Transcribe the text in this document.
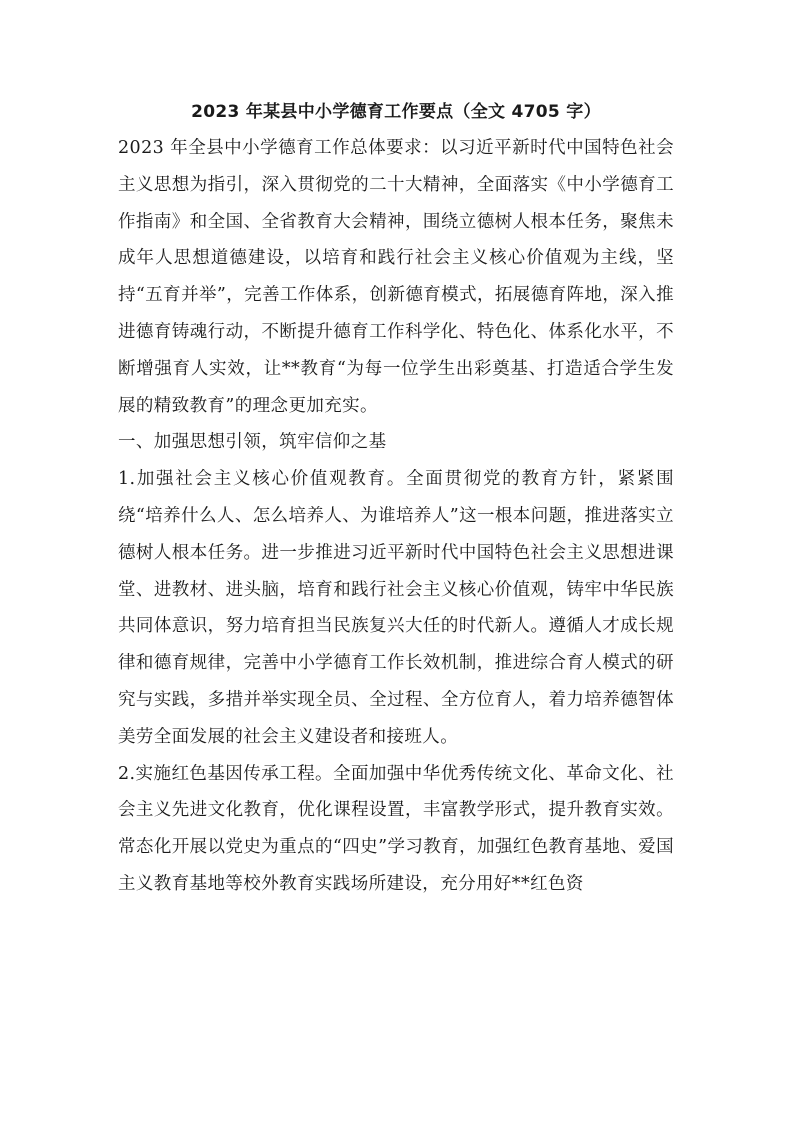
2023 年某县中小学德育工作要点（全文 4705 字）

2023 年全县中小学德育工作总体要求：以习近平新时代中国特色社会主义思想为指引，深入贯彻党的二十大精神，全面落实《中小学德育工作指南》和全国、全省教育大会精神，围绕立德树人根本任务，聚焦未成年人思想道德建设，以培育和践行社会主义核心价值观为主线，坚持“五育并举”，完善工作体系，创新德育模式，拓展德育阵地，深入推进德育铸魂行动，不断提升德育工作科学化、特色化、体系化水平，不断增强育人实效，让**教育“为每一位学生出彩奠基、打造适合学生发展的精致教育”的理念更加充实。

一、加强思想引领，筑牢信仰之基

1.加强社会主义核心价值观教育。全面贯彻党的教育方针，紧紧围绕“培养什么人、怎么培养人、为谁培养人”这一根本问题，推进落实立德树人根本任务。进一步推进习近平新时代中国特色社会主义思想进课堂、进教材、进头脑，培育和践行社会主义核心价值观，铸牢中华民族共同体意识，努力培育担当民族复兴大任的时代新人。遵循人才成长规律和德育规律，完善中小学德育工作长效机制，推进综合育人模式的研究与实践，多措并举实现全员、全过程、全方位育人，着力培养德智体美劳全面发展的社会主义建设者和接班人。

2.实施红色基因传承工程。全面加强中华优秀传统文化、革命文化、社会主义先进文化教育，优化课程设置，丰富教学形式，提升教育实效。常态化开展以党史为重点的“四史”学习教育，加强红色教育基地、爱国主义教育基地等校外教育实践场所建设，充分用好**红色资
